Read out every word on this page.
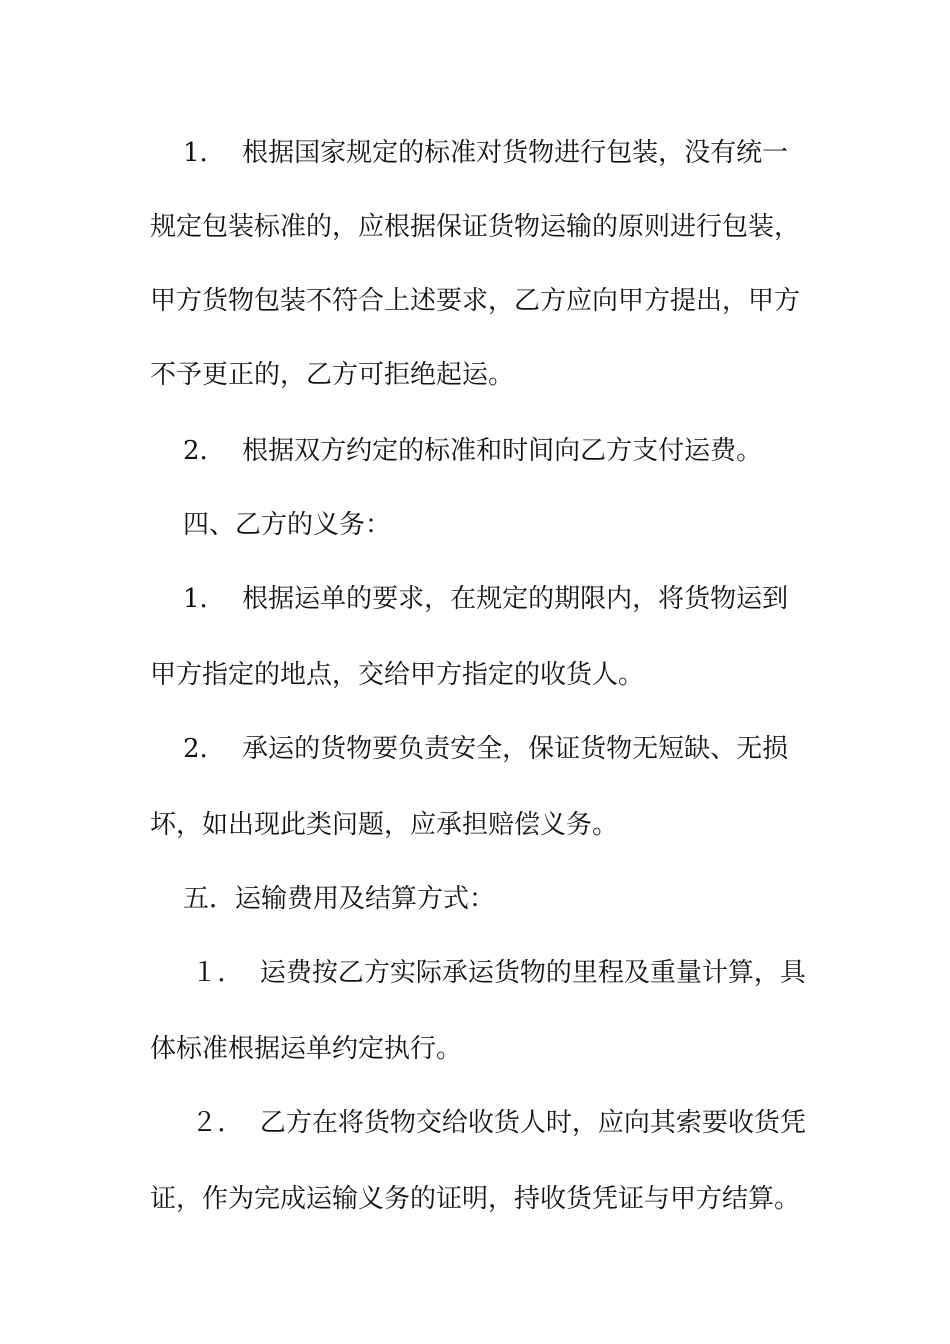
1．  根据国家规定的标准对货物进行包装，没有统一
规定包装标准的，应根据保证货物运输的原则进行包装，
甲方货物包装不符合上述要求，乙方应向甲方提出，甲方
不予更正的，乙方可拒绝起运。
2．  根据双方约定的标准和时间向乙方支付运费。
四、乙方的义务：
1．  根据运单的要求，在规定的期限内，将货物运到
甲方指定的地点，交给甲方指定的收货人。
2．  承运的货物要负责安全，保证货物无短缺、无损
坏，如出现此类问题，应承担赔偿义务。
五．运输费用及结算方式：
１．  运费按乙方实际承运货物的里程及重量计算，具
体标准根据运单约定执行。
２．  乙方在将货物交给收货人时，应向其索要收货凭
证，作为完成运输义务的证明，持收货凭证与甲方结算。
